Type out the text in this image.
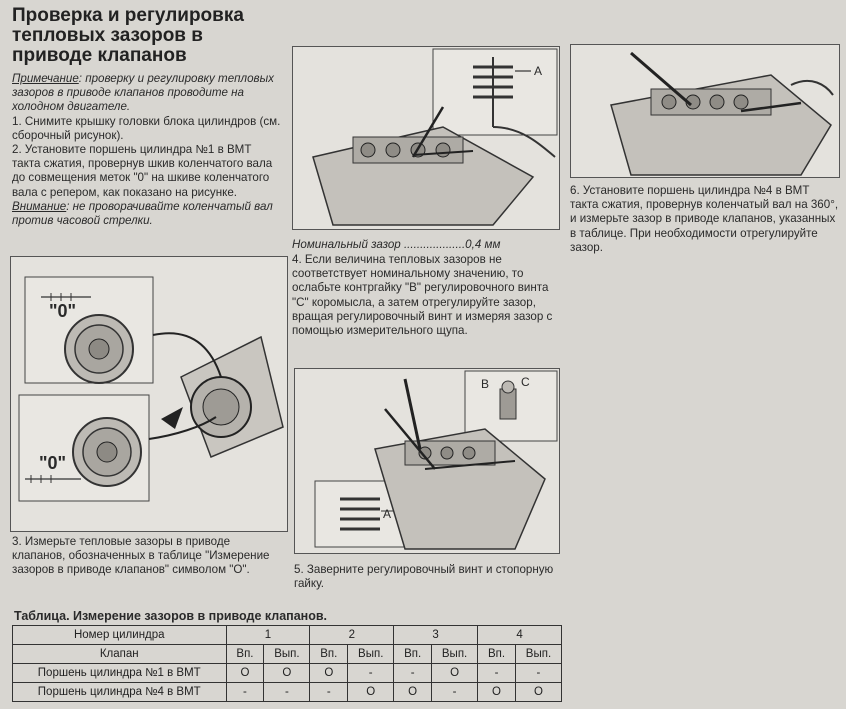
Проверка и регулировка тепловых зазоров в приводе клапанов
Примечание: проверку и регулировку тепловых зазоров в приводе клапанов проводите на холодном двигателе.
1. Снимите крышку головки блока цилиндров (см. сборочный рисунок).
2. Установите поршень цилиндра №1 в ВМТ такта сжатия, провернув шкив коленчатого вала до совмещения меток "0" на шкиве коленчатого вала с репером, как показано на рисунке.
Внимание: не проворачивайте коленчатый вал против часовой стрелки.
"0"
"0"
3. Измерьте тепловые зазоры в приводе клапанов, обозначенных в таблице "Измерение зазоров в приводе клапанов" символом "О".
A
Номинальный зазор ...................0,4 мм
4. Если величина тепловых зазоров не соответствует номинальному значению, то ослабьте контргайку "В" регулировочного винта "С" коромысла, а затем отрегулируйте зазор, вращая регулировочный винт и измеряя зазор с помощью измерительного щупа.
B	C
A
5. Заверните регулировочный винт и стопорную гайку.
6. Установите поршень цилиндра №4 в ВМТ такта сжатия, провернув коленчатый вал на 360°, и измерьте зазор в приводе клапанов, указанных в таблице. При необходимости отрегулируйте зазор.
Таблица. Измерение зазоров в приводе клапанов.
Номер цилиндра	1		2		3		4	
Клапан	Вп.	Вып.	Вп.	Вып.	Вп.	Вып.	Вп.	Вып.
Поршень цилиндра №1 в ВМТ	O	O	O	-	-	O	-	-
Поршень цилиндра №4 в ВМТ	-	-	-	O	O	-	O	O
